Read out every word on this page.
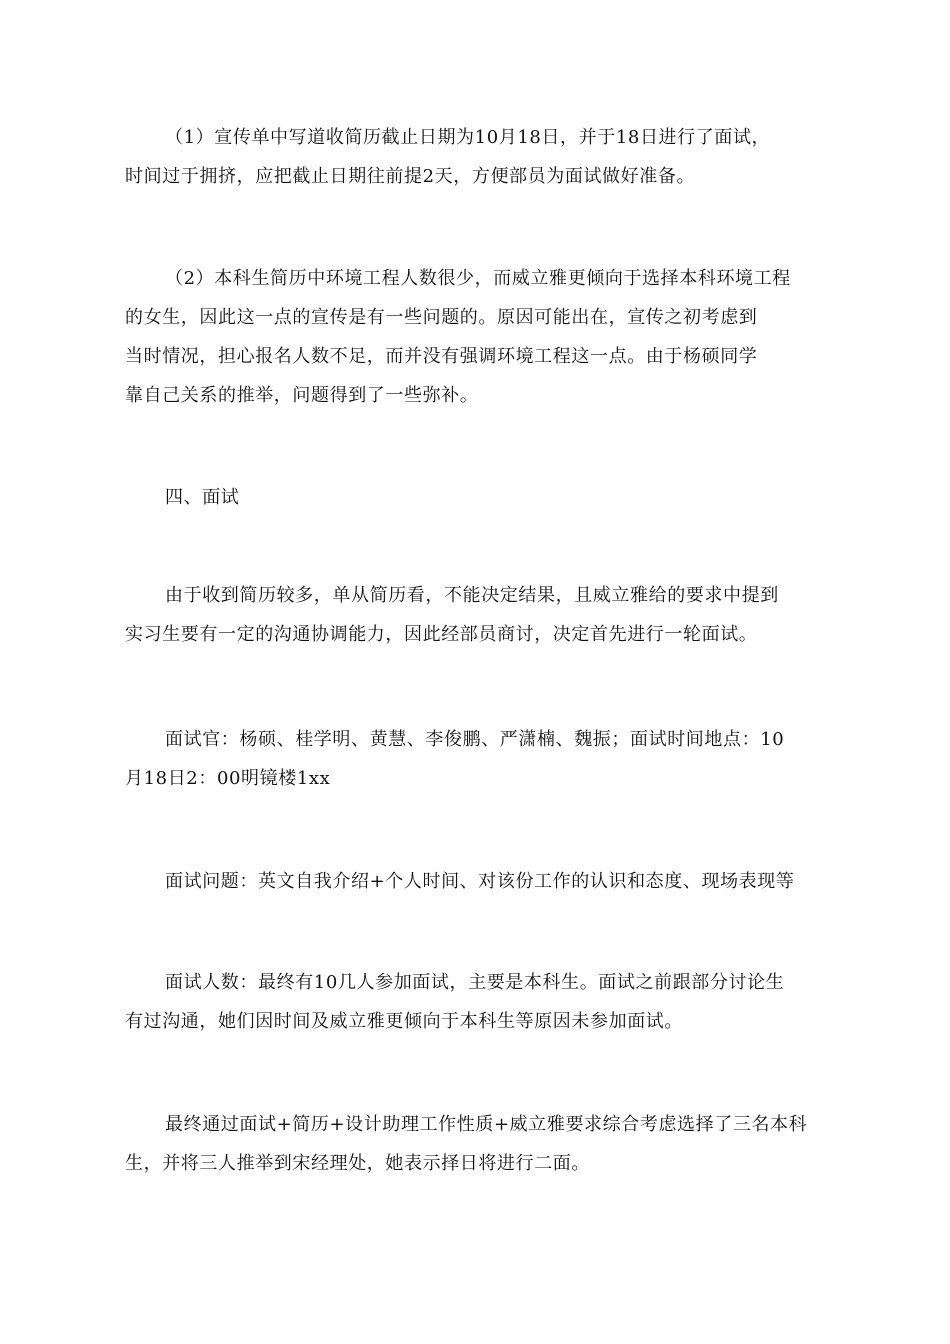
（1）宣传单中写道收简历截止日期为10月18日，并于18日进行了面试，
时间过于拥挤，应把截止日期往前提2天，方便部员为面试做好准备。

（2）本科生简历中环境工程人数很少，而威立雅更倾向于选择本科环境工程
的女生，因此这一点的宣传是有一些问题的。原因可能出在，宣传之初考虑到
当时情况，担心报名人数不足，而并没有强调环境工程这一点。由于杨硕同学
靠自己关系的推举，问题得到了一些弥补。

四、面试

由于收到简历较多，单从简历看，不能决定结果，且威立雅给的要求中提到
实习生要有一定的沟通协调能力，因此经部员商讨，决定首先进行一轮面试。

面试官：杨硕、桂学明、黄慧、李俊鹏、严潇楠、魏振；面试时间地点：10
月18日2：00明镜楼1xx

面试问题：英文自我介绍+个人时间、对该份工作的认识和态度、现场表现等

面试人数：最终有10几人参加面试，主要是本科生。面试之前跟部分讨论生
有过沟通，她们因时间及威立雅更倾向于本科生等原因未参加面试。

最终通过面试+简历+设计助理工作性质+威立雅要求综合考虑选择了三名本科
生，并将三人推举到宋经理处，她表示择日将进行二面。
